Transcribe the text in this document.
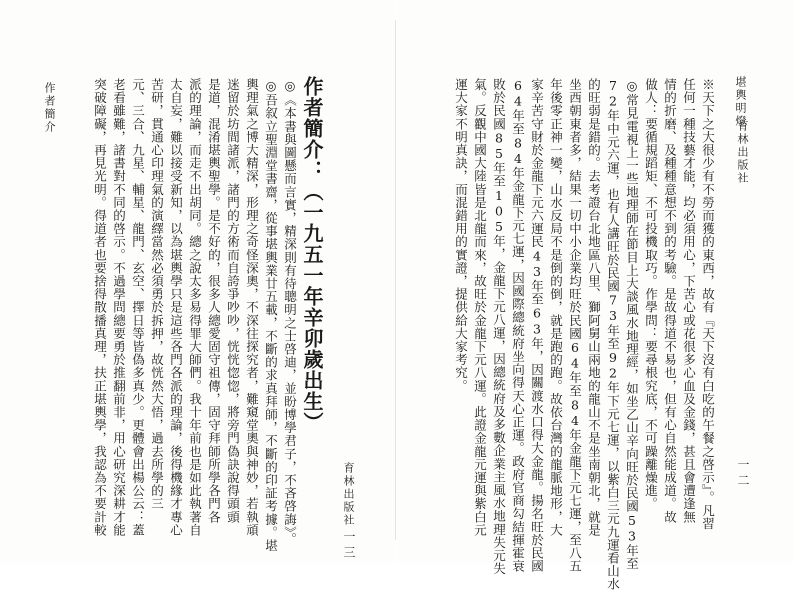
作者簡介	作者簡介：（一九五一年辛卯歲出生）
◎《本書與圖懸而言實，精深則有待聰明之士啓迪，並盼博學君子，不吝啓誨》。
◎吾叙立聖淵堂書齋，從事堪輿業廿五載，不斷的求真拜師，不斷的印証考據。堪
輿理氣之博大精深，形理之奇怪深奧，不深往探究者，難窺堂奧與神妙，若執頑
迷留於坊間諸派，諸門的方術而自誇爭吵吵，恍恍惚惚，將旁門偽訣說得頭頭
是道，混淆堪輿聖學。是不好的，很多人總愛固守祖傳，固守拜師所學各門各
派的理論，而走不出胡同。總之說太多易得罪大師們。我十年前也是如此執著自
太自妄，難以接受新知，以為堪輿學只是這些各門各派的理論，後得機緣才專心
苦研，貫通心印理氣的演繹當然必須勇於拆押，故恍然大悟，過去所學的三
元、三合、九星、輔星、龍門、玄空、擇日等皆偽多真少。更體會出楊公云：蓋
老看雖難，諸書對不同的啓示。不過學問總要勇於推翻前非，用心研究深耕才能
突破障礙，再見光明。得道者也要捨得散播真理，扶正堪輿學，我認為不要計較	育林出版社
一三
堪輿明燈
※天下之大很少有不勞而獲的東西，故有『天下沒有白吃的午餐之啓示』。凡習
任何一種技藝才能，均必須用心，下苦心或花很多心血及金錢，甚且會遭逢無
情的折磨、及種種意想不到的考驗。是故得道不易也，但有心自然能成道。故
做人：要循規蹈矩、不可投機取巧。作學問：要尋根究底，不可躁離燥進。
◎常見電視上一些地理師在節目上大談風水地理經，如坐乙山辛向旺於民國53年至
72年中元六運，也有人講旺於民國73年至92年下元七運，以紫白三元九運看山水
的旺弱是錯的。去考證台北地區八里、獅阿舅山兩地的龍山不是坐南朝北，就是
坐西朝東者多，結果一切中小企業均旺於民國64年至84年金龍下元七運，至八五
年後零正神一變，山水反局不是倒的倒，就是跑的跑。故依台灣的龍脈地形，大
家辛苦守財於金龍下元六運民43年至63年，因關渡水口得大金龍。揚名旺於民國
64年至84年金龍下元七運，因國際總統府坐向得天心正運。政府官商勾結揮霍衰
敗於民國85年至105年，金龍下元八運，因總統府及多數企業主風水地理失元失
氣。反觀中國大陸皆是北龍而來，故旺於金龍下元八運。此證金龍元運與紫白元
運大家不明真訣，而混錯用的實證，提供給大家考究。	育林出版社
一二
